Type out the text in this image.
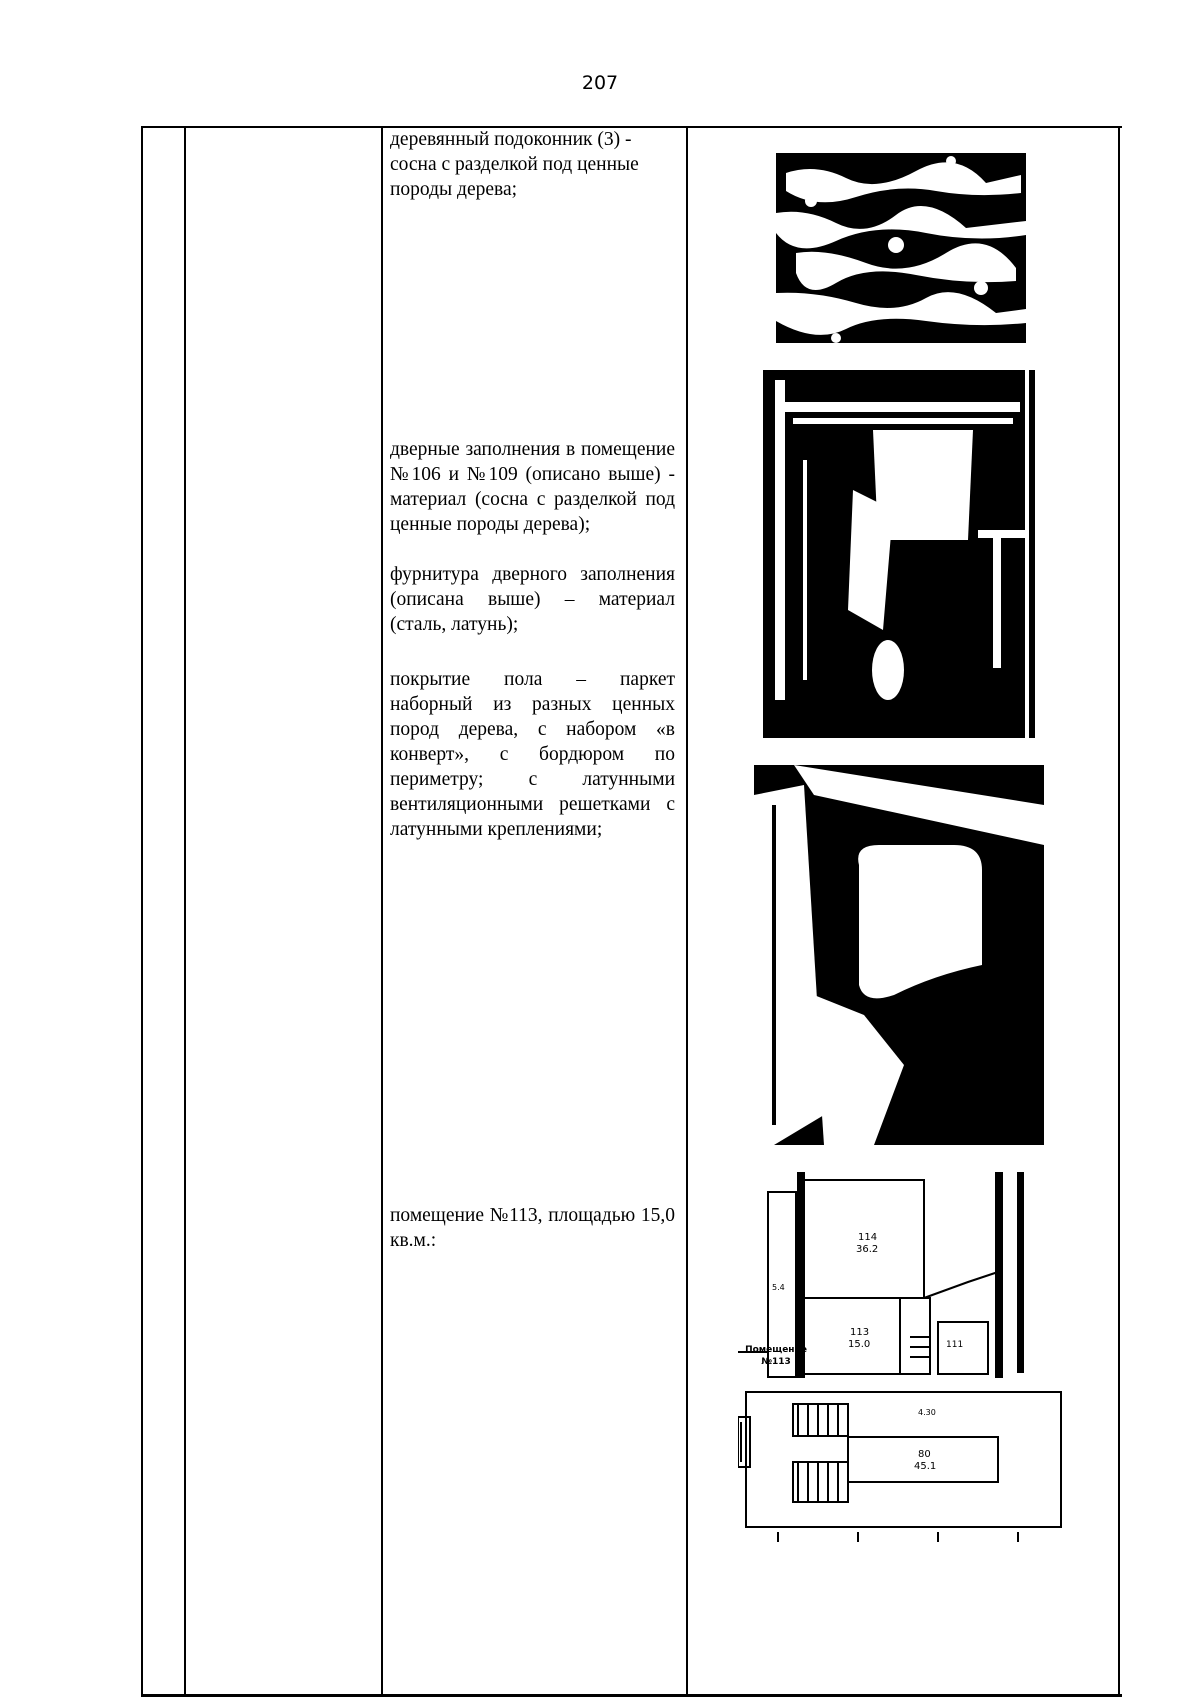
207

деревянный подоконник (3) - сосна с разделкой под ценные породы дерева;

дверные заполнения в помещение №106 и №109 (описано выше) - материал (сосна с разделкой под ценные породы дерева);

фурнитура дверного заполнения (описана выше) – материал (сталь, латунь);

покрытие пола – паркет наборный из разных ценных пород дерева, с набором «в конверт», с бордюром по периметру; с латунными вентиляционными решетками с латунными креплениями;

помещение №113, площадью 15,0 кв.м.:	114
36.2
113
15.0	111
80
45.1
4.30
5.4
Помещение
№113
